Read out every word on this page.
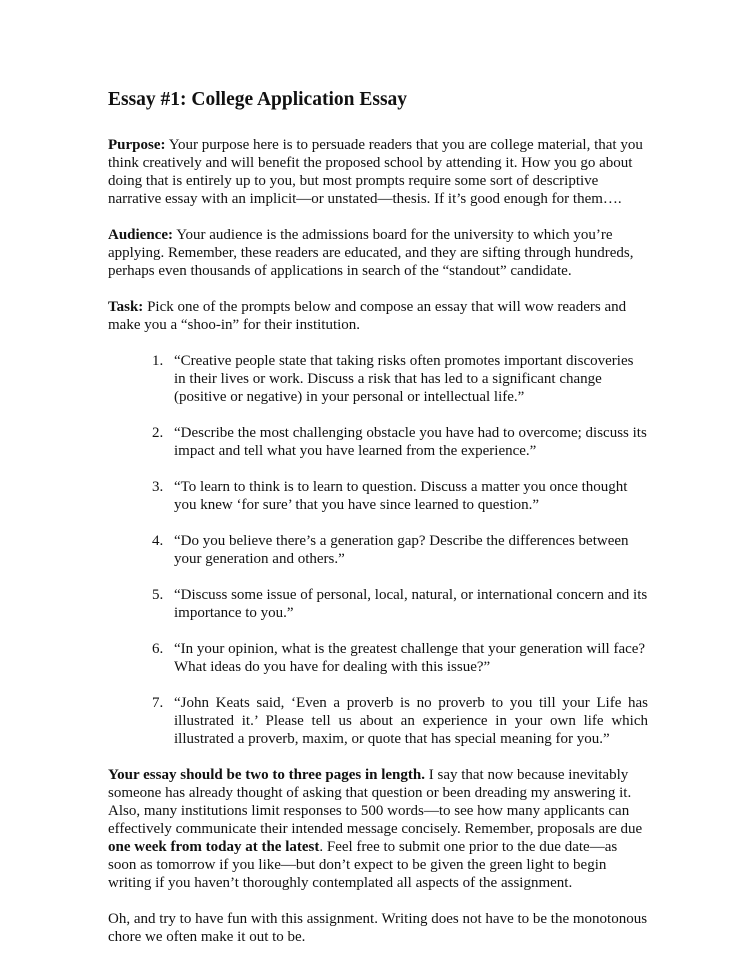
Essay #1: College Application Essay

Purpose: Your purpose here is to persuade readers that you are college material, that you think creatively and will benefit the proposed school by attending it. How you go about doing that is entirely up to you, but most prompts require some sort of descriptive narrative essay with an implicit—or unstated—thesis. If it’s good enough for them….

Audience: Your audience is the admissions board for the university to which you’re applying. Remember, these readers are educated, and they are sifting through hundreds, perhaps even thousands of applications in search of the “standout” candidate.

Task: Pick one of the prompts below and compose an essay that will wow readers and make you a “shoo-in” for their institution.

1. “Creative people state that taking risks often promotes important discoveries in their lives or work. Discuss a risk that has led to a significant change (positive or negative) in your personal or intellectual life.”
2. “Describe the most challenging obstacle you have had to overcome; discuss its impact and tell what you have learned from the experience.”
3. “To learn to think is to learn to question. Discuss a matter you once thought you knew ‘for sure’ that you have since learned to question.”
4. “Do you believe there’s a generation gap? Describe the differences between your generation and others.”
5. “Discuss some issue of personal, local, natural, or international concern and its importance to you.”
6. “In your opinion, what is the greatest challenge that your generation will face? What ideas do you have for dealing with this issue?”
7. “John Keats said, ‘Even a proverb is no proverb to you till your Life has illustrated it.’ Please tell us about an experience in your own life which illustrated a proverb, maxim, or quote that has special meaning for you.”

Your essay should be two to three pages in length. I say that now because inevitably someone has already thought of asking that question or been dreading my answering it. Also, many institutions limit responses to 500 words—to see how many applicants can effectively communicate their intended message concisely. Remember, proposals are due one week from today at the latest. Feel free to submit one prior to the due date—as soon as tomorrow if you like—but don’t expect to be given the green light to begin writing if you haven’t thoroughly contemplated all aspects of the assignment.

Oh, and try to have fun with this assignment. Writing does not have to be the monotonous chore we often make it out to be.
